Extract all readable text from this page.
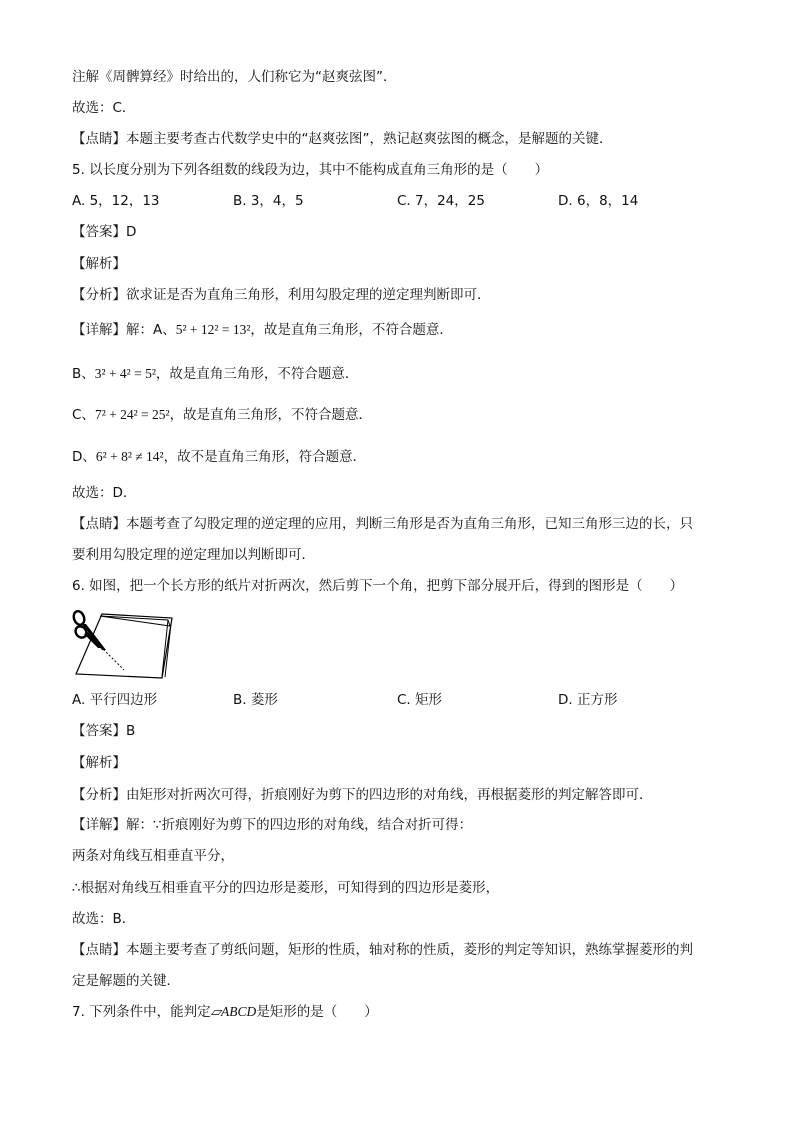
注解《周髀算经》时给出的，人们称它为“赵爽弦图”．
故选：C．
【点睛】本题主要考查古代数学史中的“赵爽弦图”，熟记赵爽弦图的概念，是解题的关键．
5. 以长度分别为下列各组数的线段为边，其中不能构成直角三角形的是（　　）
A. 5，12，13	B. 3，4，5	C. 7，24，25	D. 6，8，14
【答案】D
【解析】
【分析】欲求证是否为直角三角形，利用勾股定理的逆定理判断即可．
【详解】解：A、5² + 12² = 13²，故是直角三角形，不符合题意．
B、3² + 4² = 5²，故是直角三角形，不符合题意．
C、7² + 24² = 25²，故是直角三角形，不符合题意．
D、6² + 8² ≠ 14²，故不是直角三角形，符合题意．
故选：D．
【点睛】本题考查了勾股定理的逆定理的应用，判断三角形是否为直角三角形，已知三角形三边的长，只
要利用勾股定理的逆定理加以判断即可．
6. 如图，把一个长方形的纸片对折两次，然后剪下一个角，把剪下部分展开后，得到的图形是（　　）
A. 平行四边形	B. 菱形	C. 矩形	D. 正方形
【答案】B
【解析】
【分析】由矩形对折两次可得，折痕刚好为剪下的四边形的对角线，再根据菱形的判定解答即可．
【详解】解：∵折痕刚好为剪下的四边形的对角线，结合对折可得：
两条对角线互相垂直平分，
∴根据对角线互相垂直平分的四边形是菱形，可知得到的四边形是菱形，
故选：B．
【点睛】本题主要考查了剪纸问题，矩形的性质，轴对称的性质，菱形的判定等知识，熟练掌握菱形的判
定是解题的关键．
7. 下列条件中，能判定▱ABCD是矩形的是（　　）
